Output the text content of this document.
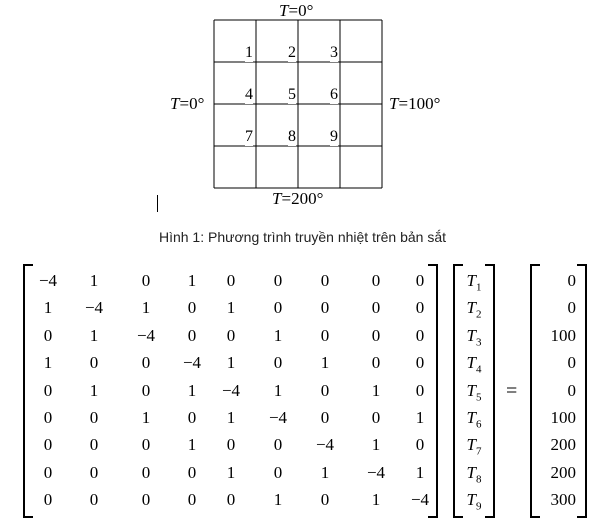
T=0°
T=0°	T=100°
T=200°
1 2 3
4 5 6
7 8 9
Hình 1: Phương trình truyền nhiệt trên bản sắt
−4	1	0	1	0	0	0	0	0
1	−4	1	0	1	0	0	0	0
0	1	−4	0	0	1	0	0	0
1	0	0	−4	1	0	1	0	0
0	1	0	1	−4	1	0	1	0
0	0	1	0	1	−4	0	0	1
0	0	0	1	0	0	−4	1	0
0	0	0	0	1	0	1	−4	1
0	0	0	0	0	1	0	1	−4
$T_1$
$T_2$
$T_3$
$T_4$
$T_5$
$T_6$
$T_7$
$T_8$
$T_9$
=
0
0
100
0
0
100
200
200
300
